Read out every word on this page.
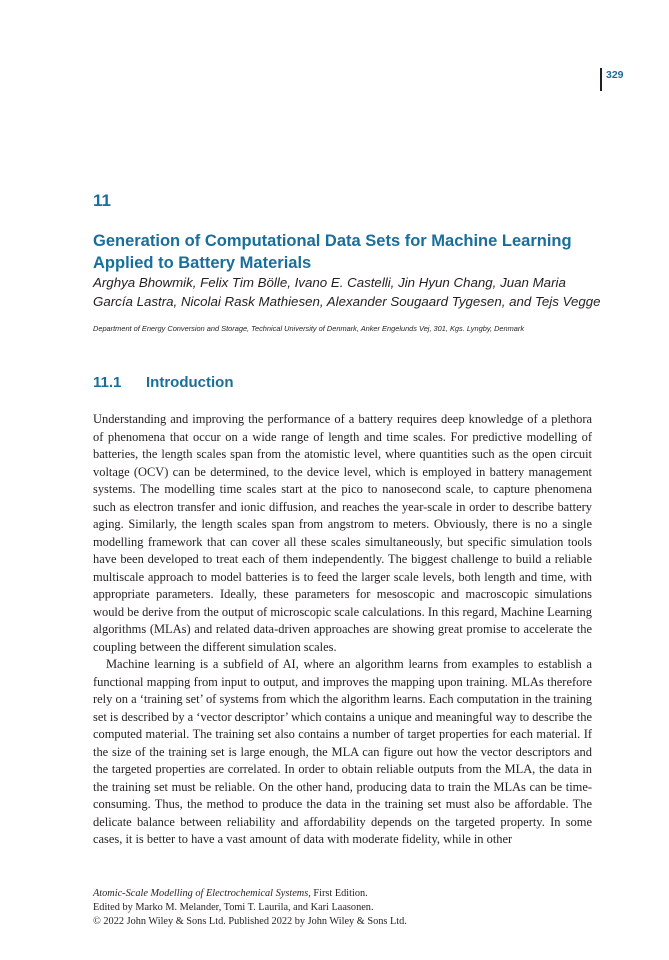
329
11
Generation of Computational Data Sets for Machine Learning Applied to Battery Materials

Arghya Bhowmik, Felix Tim Bölle, Ivano E. Castelli, Jin Hyun Chang, Juan Maria García Lastra, Nicolai Rask Mathiesen, Alexander Sougaard Tygesen, and Tejs Vegge

Department of Energy Conversion and Storage, Technical University of Denmark, Anker Engelunds Vej, 301, Kgs. Lyngby, Denmark

11.1 Introduction

Understanding and improving the performance of a battery requires deep knowledge of a plethora of phenomena that occur on a wide range of length and time scales. For predictive modelling of batteries, the length scales span from the atomistic level, where quantities such as the open circuit voltage (OCV) can be determined, to the device level, which is employed in battery management systems. The modelling time scales start at the pico to nanosecond scale, to capture phenomena such as electron transfer and ionic diffusion, and reaches the year-scale in order to describe battery aging. Similarly, the length scales span from angstrom to meters. Obviously, there is no a single modelling framework that can cover all these scales simultaneously, but specific simulation tools have been developed to treat each of them independently. The biggest challenge to build a reliable multiscale approach to model batteries is to feed the larger scale levels, both length and time, with appropriate parameters. Ideally, these parameters for mesoscopic and macroscopic simulations would be derive from the output of microscopic scale calculations. In this regard, Machine Learning algorithms (MLAs) and related data-driven approaches are showing great promise to accelerate the coupling between the different simulation scales.

Machine learning is a subfield of AI, where an algorithm learns from examples to establish a functional mapping from input to output, and improves the mapping upon training. MLAs therefore rely on a ‘training set’ of systems from which the algorithm learns. Each computation in the training set is described by a ‘vector descriptor’ which contains a unique and meaningful way to describe the computed material. The training set also contains a number of target properties for each material. If the size of the training set is large enough, the MLA can figure out how the vector descriptors and the targeted properties are correlated. In order to obtain reliable outputs from the MLA, the data in the training set must be reliable. On the other hand, producing data to train the MLAs can be time-consuming. Thus, the method to produce the data in the training set must also be affordable. The delicate balance between reliability and affordability depends on the targeted property. In some cases, it is better to have a vast amount of data with moderate fidelity, while in other

Atomic-Scale Modelling of Electrochemical Systems, First Edition.
Edited by Marko M. Melander, Tomi T. Laurila, and Kari Laasonen.
© 2022 John Wiley & Sons Ltd. Published 2022 by John Wiley & Sons Ltd.
